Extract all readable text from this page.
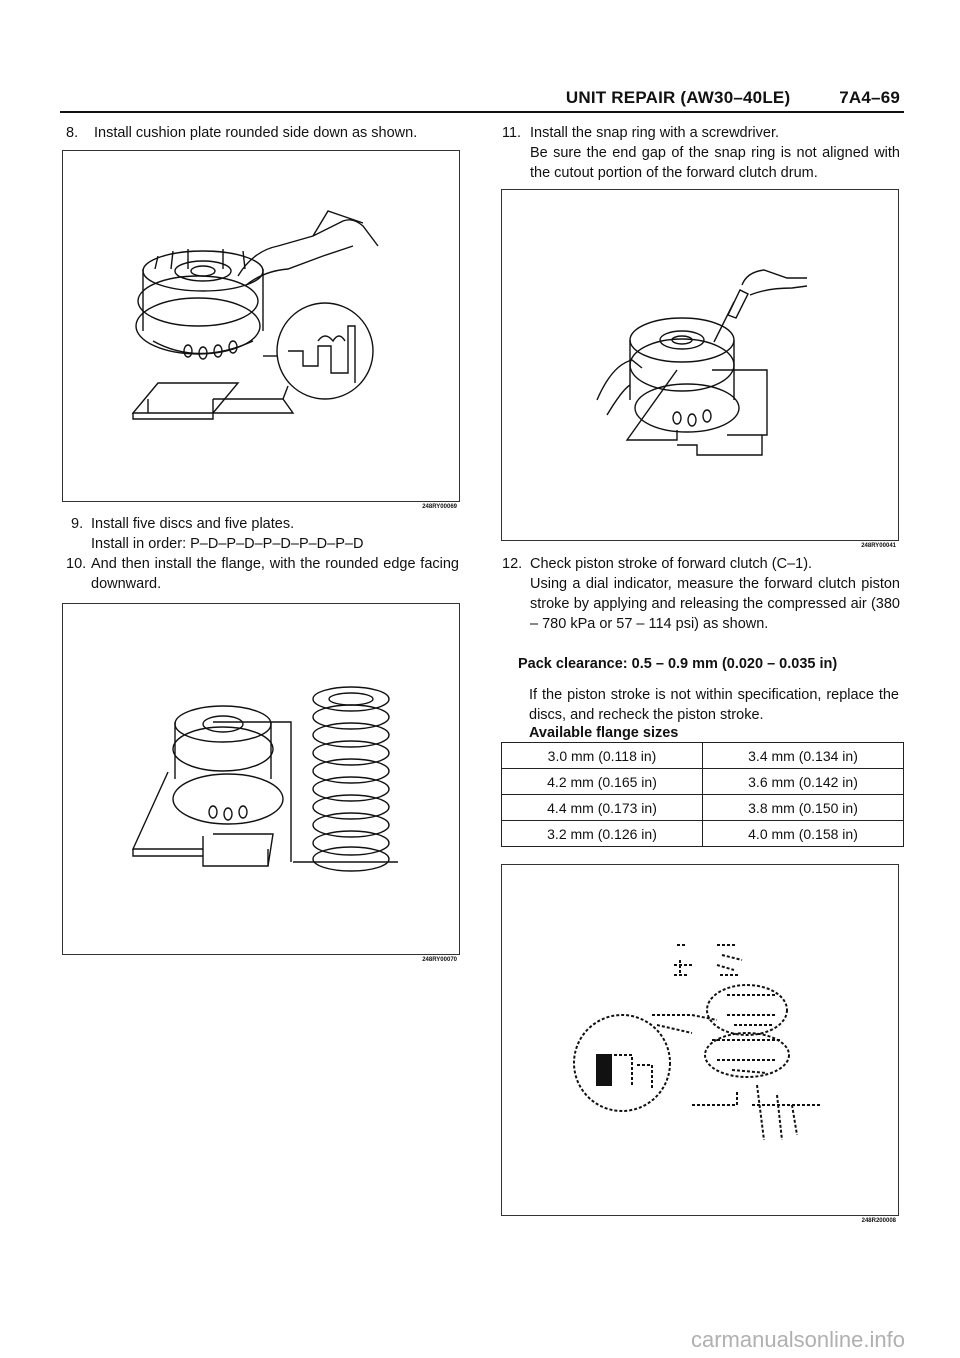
UNIT REPAIR (AW30–40LE)	7A4–69
8. Install cushion plate rounded side down as shown.
248RY00069
9. Install five discs and five plates.
Install in order: P–D–P–D–P–D–P–D–P–D
10. And then install the flange, with the rounded edge facing downward.
248RY00070
11. Install the snap ring with a screwdriver.
Be sure the end gap of the snap ring is not aligned with the cutout portion of the forward clutch drum.
248RY00041
12. Check piston stroke of forward clutch (C–1).
Using a dial indicator, measure the forward clutch piston stroke by applying and releasing the compressed air (380 – 780 kPa or 57 – 114 psi) as shown.
Pack clearance: 0.5 – 0.9 mm (0.020 – 0.035 in)
If the piston stroke is not within specification, replace the discs, and recheck the piston stroke.
Available flange sizes
3.0 mm (0.118 in)	3.4 mm (0.134 in)
4.2 mm (0.165 in)	3.6 mm (0.142 in)
4.4 mm (0.173 in)	3.8 mm (0.150 in)
3.2 mm (0.126 in)	4.0 mm (0.158 in)
248R200008
carmanualsonline.info
